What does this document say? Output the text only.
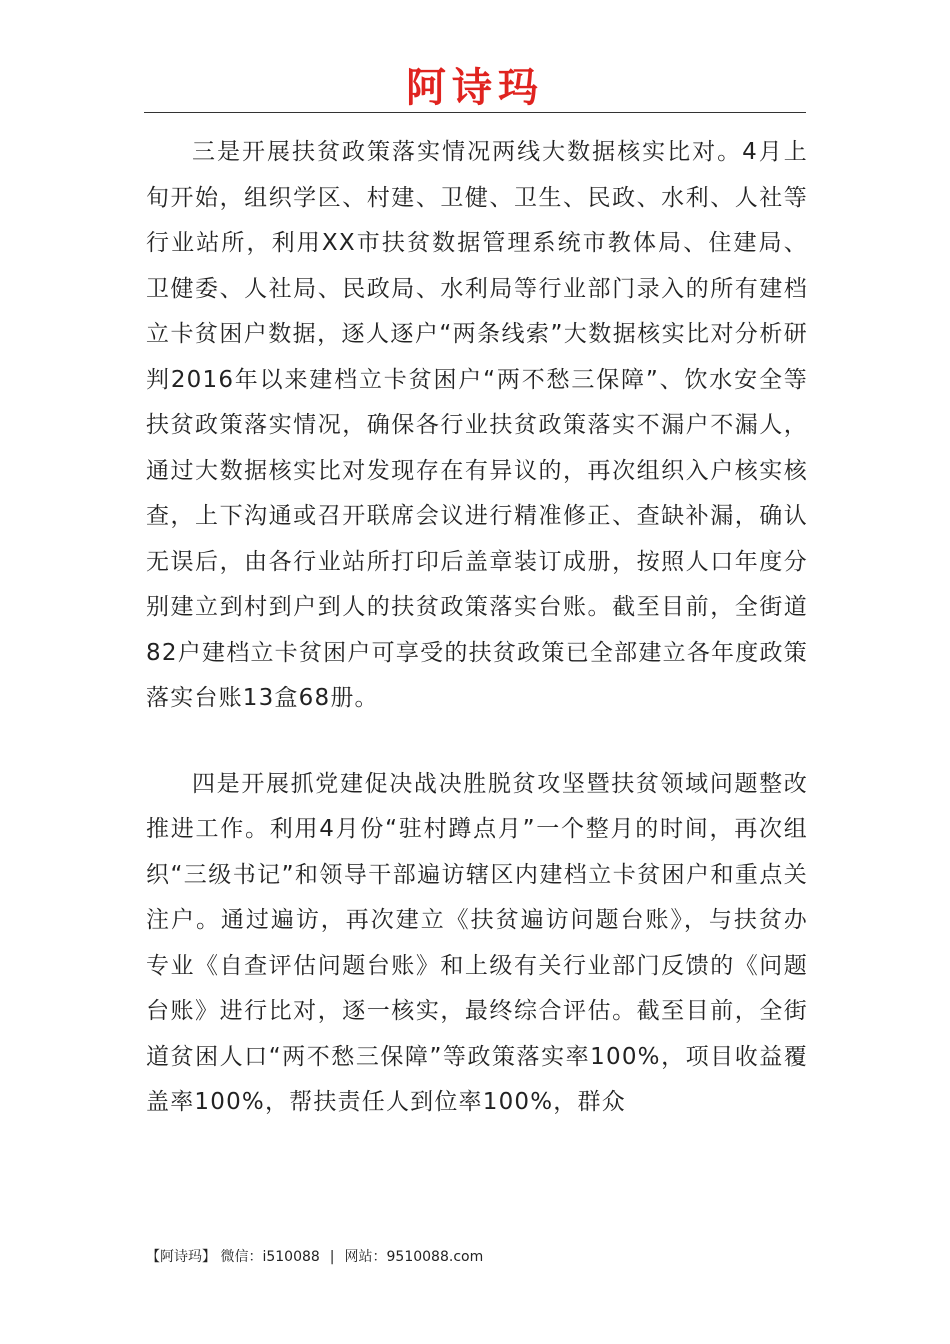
阿诗玛

三是开展扶贫政策落实情况两线大数据核实比对。4月上旬开始，组织学区、村建、卫健、卫生、民政、水利、人社等行业站所，利用XX市扶贫数据管理系统市教体局、住建局、卫健委、人社局、民政局、水利局等行业部门录入的所有建档立卡贫困户数据，逐人逐户“两条线索”大数据核实比对分析研判2016年以来建档立卡贫困户“两不愁三保障”、饮水安全等扶贫政策落实情况，确保各行业扶贫政策落实不漏户不漏人，通过大数据核实比对发现存在有异议的，再次组织入户核实核查，上下沟通或召开联席会议进行精准修正、查缺补漏，确认无误后，由各行业站所打印后盖章装订成册，按照人口年度分别建立到村到户到人的扶贫政策落实台账。截至目前，全街道82户建档立卡贫困户可享受的扶贫政策已全部建立各年度政策落实台账13盒68册。

四是开展抓党建促决战决胜脱贫攻坚暨扶贫领域问题整改推进工作。利用4月份“驻村蹲点月”一个整月的时间，再次组织“三级书记”和领导干部遍访辖区内建档立卡贫困户和重点关注户。通过遍访，再次建立《扶贫遍访问题台账》，与扶贫办专业《自查评估问题台账》和上级有关行业部门反馈的《问题台账》进行比对，逐一核实，最终综合评估。截至目前，全街道贫困人口“两不愁三保障”等政策落实率100%，项目收益覆盖率100%，帮扶责任人到位率100%，群众

【阿诗玛】 微信：i510088 | 网站：9510088.com
